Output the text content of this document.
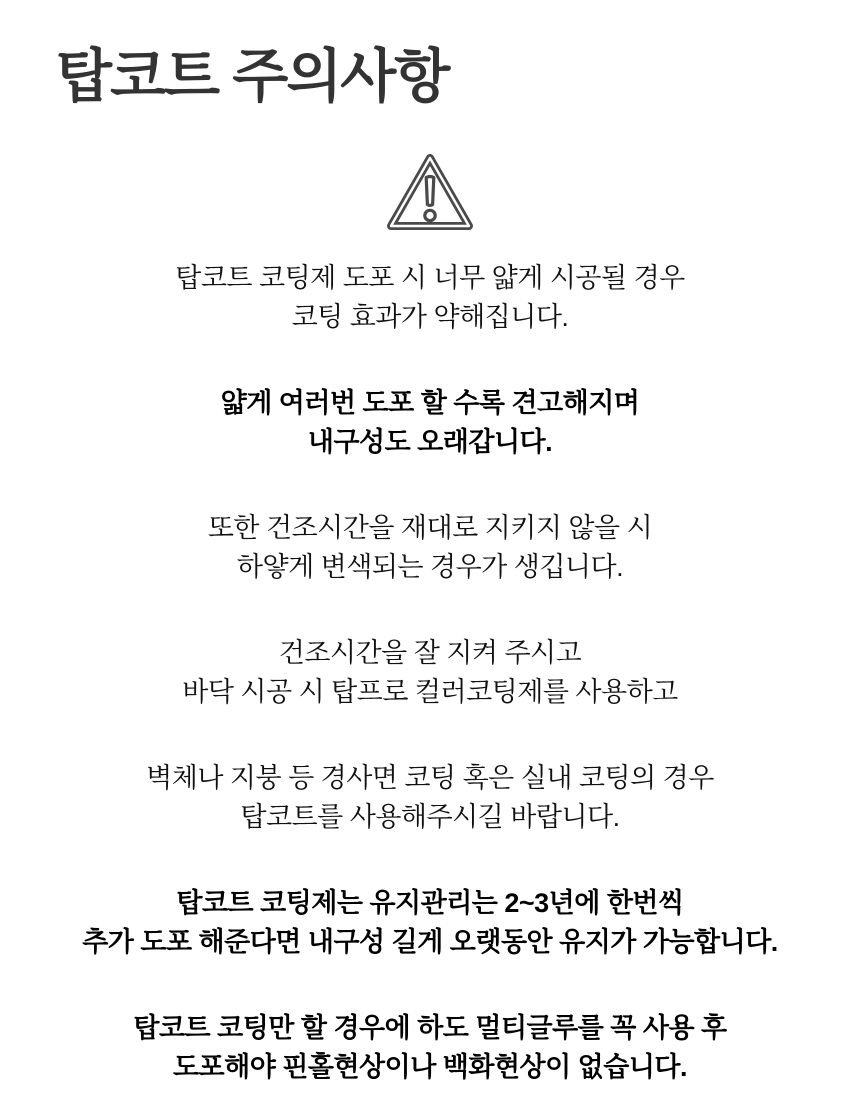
탑코트 주의사항

탑코트 코팅제 도포 시 너무 얇게 시공될 경우
코팅 효과가 약해집니다.

얇게 여러번 도포 할 수록 견고해지며
내구성도 오래갑니다.

또한 건조시간을 재대로 지키지 않을 시
하얗게 변색되는 경우가 생깁니다.

건조시간을 잘 지켜 주시고
바닥 시공 시 탑프로 컬러코팅제를 사용하고

벽체나 지붕 등 경사면 코팅 혹은 실내 코팅의 경우
탑코트를 사용해주시길 바랍니다.

탑코트 코팅제는 유지관리는 2~3년에 한번씩
추가 도포 해준다면 내구성 길게 오랫동안 유지가 가능합니다.

탑코트 코팅만 할 경우에 하도 멀티글루를 꼭 사용 후
도포해야 핀홀현상이나 백화현상이 없습니다.
